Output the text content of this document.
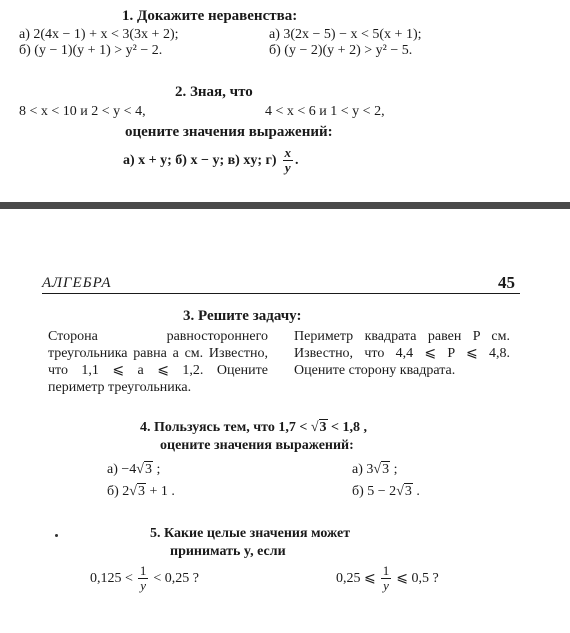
1. Докажите неравенства:
а) 2(4x − 1) + x < 3(3x + 2);	а) 3(2x − 5) − x < 5(x + 1);
б) (y − 1)(y + 1) > y² − 2.	б) (y − 2)(y + 2) > y² − 5.
2. Зная, что
8 < x < 10 и 2 < y < 4,	4 < x < 6 и 1 < y < 2,
оцените значения выражений:
а) x + y; б) x − y; в) xy; $г) \frac{x}{y}$ .
АЛГЕБРА	45
3. Решите задачу:
Сторона равностороннего треугольника равна a см. Известно, что 1,1 ⩽ a ⩽ 1,2. Оцените периметр треугольника.
Периметр квадрата равен P см. Известно, что 4,4 ⩽ P ⩽ 4,8. Оцените сторону квадрата.
4. Пользуясь тем, что 1,7 < √3 < 1,8 ,
оцените значения выражений:
а) −4√3 ;	а) 3√3 ;
б) 2√3 + 1 .	б) 5 − 2√3 .
5. Какие целые значения может
принимать y, если
$0,125 < \frac{1}{y} < 0,25$ ?	0,25 ⩽ $\frac{1}{y}$ ⩽ 0,5 ?
